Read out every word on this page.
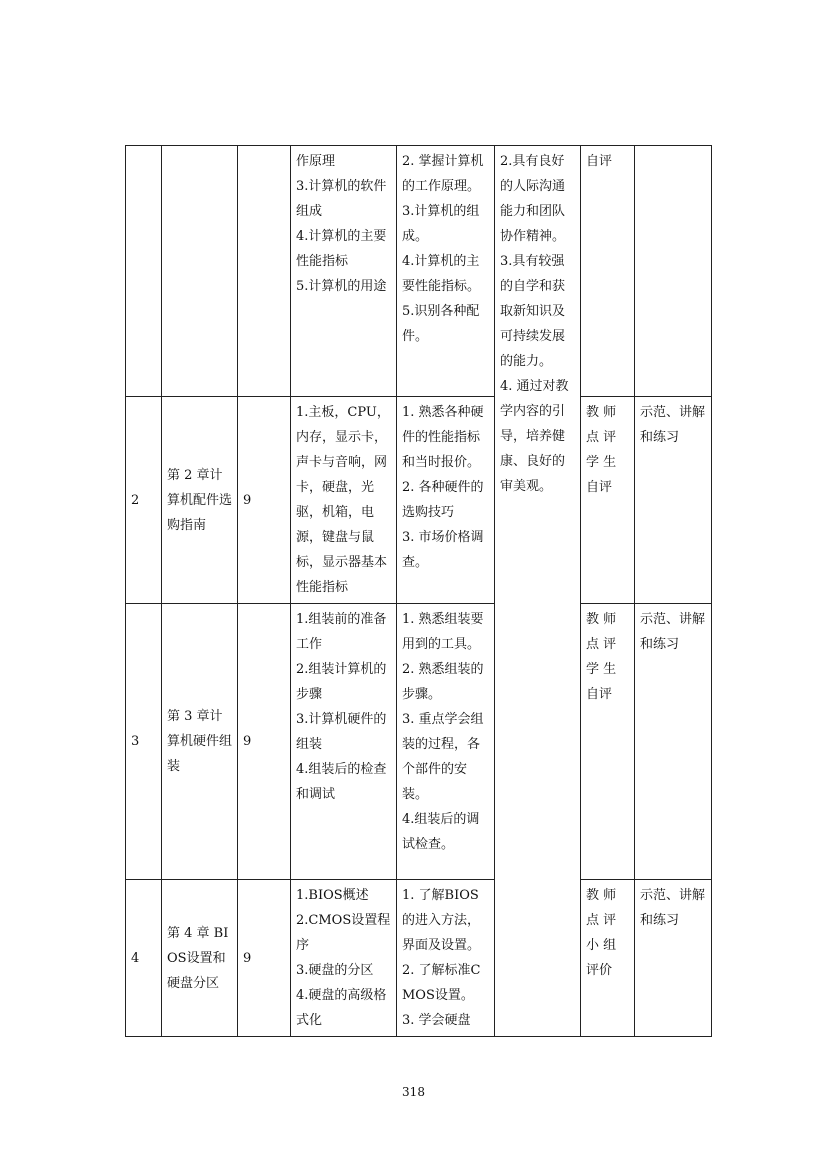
			作原理
3.计算机的软件组成
4.计算机的主要性能指标
5.计算机的用途	2. 掌握计算机的工作原理。
3.计算机的组成。
4.计算机的主要性能指标。
5.识别各种配件。	2.具有良好的人际沟通能力和团队协作精神。
3.具有较强的自学和获取新知识及可持续发展的能力。
4. 通过对教学内容的引导，培养健康、良好的审美观。	自评	

2	第 2 章计算机配件选购指南	9	1.主板，CPU，内存，显示卡，声卡与音响，网卡，硬盘，光驱，机箱，电源，键盘与鼠标，显示器基本性能指标	1. 熟悉各种硬件的性能指标和当时报价。
2. 各种硬件的选购技巧
3. 市场价格调查。		教 师 点 评 学 生 自评	示范、讲解和练习

3	第 3 章计算机硬件组装	9	1.组装前的准备工作
2.组装计算机的步骤
3.计算机硬件的组装
4.组装后的检查和调试	1. 熟悉组装要用到的工具。
2. 熟悉组装的步骤。
3. 重点学会组装的过程，各个部件的安装。
4.组装后的调试检查。		教 师 点 评 学 生 自评	示范、讲解和练习

4	第 4 章 BIOS设置和硬盘分区	9	1.BIOS概述
2.CMOS设置程序
3.硬盘的分区
4.硬盘的高级格式化	1. 了解BIOS的进入方法，界面及设置。
2. 了解标准CMOS设置。
3. 学会硬盘		教 师 点 评 小 组 评价	示范、讲解和练习
318
